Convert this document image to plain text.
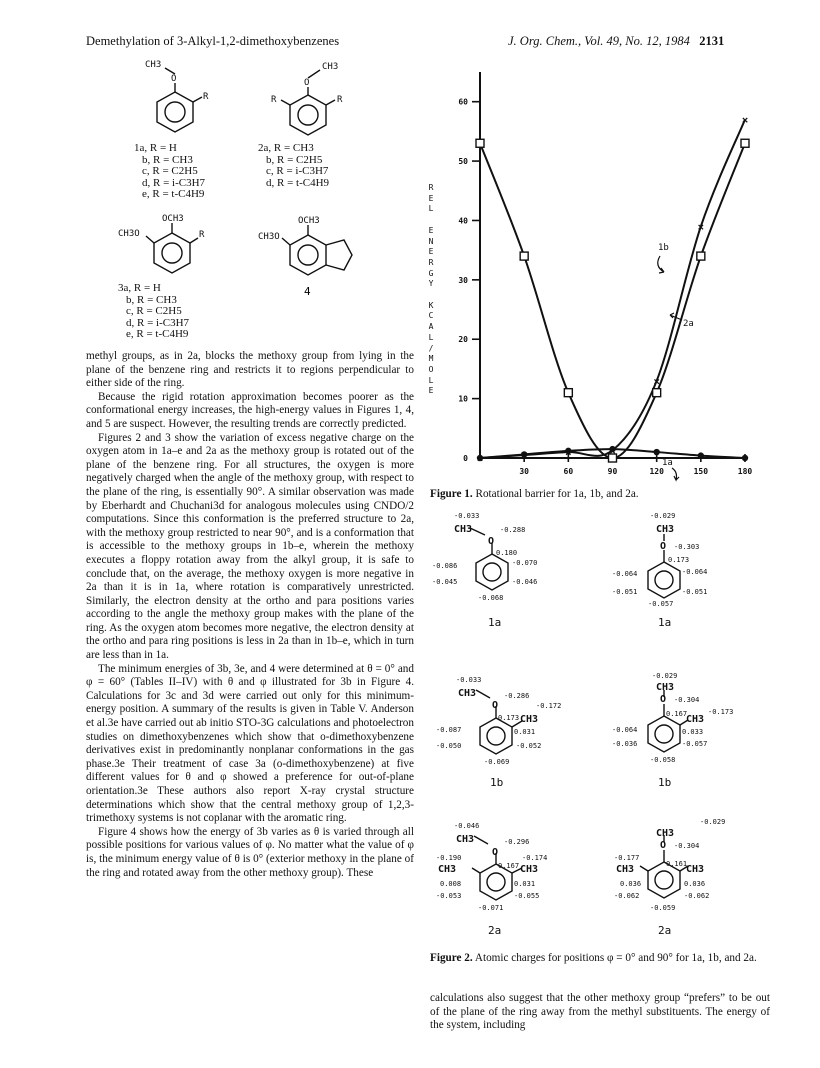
Demethylation of 3-Alkyl-1,2-dimethoxybenzenes	J. Org. Chem., Vol. 49, No. 12, 1984 2131
CH3
O
R
CH3
O
R	R
OCH3
CH3O	R
OCH3
CH3O
4
1a, R = H
b, R = CH3
c, R = C2H5
d, R = i-C3H7
e, R = t-C4H9
2a, R = CH3
b, R = C2H5
c, R = i-C3H7
d, R = t-C4H9
3a, R = H
b, R = CH3
c, R = C2H5
d, R = i-C3H7
e, R = t-C4H9

methyl groups, as in 2a, blocks the methoxy group from lying in the plane of the benzene ring and restricts it to regions perpendicular to either side of the ring.

Because the rigid rotation approximation becomes poorer as the conformational energy increases, the high-energy values in Figures 1, 4, and 5 are suspect. However, the resulting trends are correctly predicted.

Figures 2 and 3 show the variation of excess negative charge on the oxygen atom in 1a–e and 2a as the methoxy group is rotated out of the plane of the benzene ring. For all structures, the oxygen is more negatively charged when the angle of the methoxy group, with respect to the plane of the ring, is essentially 90°. A similar observation was made by Eberhardt and Chuchani3d for analogous molecules using CNDO/2 computations. Since this conformation is the preferred structure to 2a, with the methoxy group restricted to near 90°, and is a conformation that is accessible to the methoxy groups in 1b–e, wherein the methoxy executes a floppy rotation away from the alkyl group, it is safe to conclude that, on the average, the methoxy oxygen is more negative in 2a than it is in 1a, where rotation is comparatively unrestricted. Similarly, the electron density at the ortho and para positions varies according to the angle the methoxy group makes with the plane of the ring. As the oxygen atom becomes more negative, the electron density at the ortho and para ring positions is less in 2a than in 1b–e, which in turn are less than in 1a.

The minimum energies of 3b, 3e, and 4 were determined at θ = 0° and φ = 60° (Tables II–IV) with θ and φ illustrated for 3b in Figure 4. Calculations for 3c and 3d were carried out only for this minimum-energy position. A summary of the results is given in Table V. Anderson et al.3e have carried out ab initio STO-3G calculations and photoelectron studies on dimethoxybenzenes which show that o-dimethoxybenzene derivatives exist in predominantly nonplanar conformations in the gas phase.3e Their treatment of case 3a (o-dimethoxybenzene) at five different values for θ and φ showed a preference for out-of-plane orientation.3e These authors also report X-ray crystal structure determinations which show that the central methoxy group of 1,2,3-trimethoxy systems is not coplanar with the aromatic ring.

Figure 4 shows how the energy of 3b varies as θ is varied through all possible positions for various values of φ. No matter what the value of φ is, the minimum energy value of θ is 0° (exterior methoxy in the plane of the ring and rotated away from the other methoxy group). These

R
E
L

E
N
E
R
G
Y

K
C
A
L
/
M
O
L
E
0
10
20
30
40
50
60
30	60	90	120	150	180
×	×	×	×
×
×
×
1b
2a
1a
Figure 1. Rotational barrier for 1a, 1b, and 2a.
-0.033
CH3	-0.288
O
0.180
-0.070
-0.086
-0.045	-0.046
-0.068
-0.029
CH3
O -0.303
0.173
-0.064
-0.064
-0.051	-0.051
-0.057
1a	1a
-0.033
CH3	-0.286
-0.172
O
0.173 CH3
0.031
-0.087
-0.050	-0.052
-0.069
-0.029
CH3
O -0.304
-0.173
0.167
CH3
0.033
-0.064
-0.036	-0.057
-0.058
1b	1b
-0.046
CH3	-0.296
O	-0.174
-0.190
CH3	0.167 CH3
0.008	0.031
-0.053	-0.055
-0.071
-0.029
CH3
O -0.304
-0.177
CH3	0.161
CH3
0.036	0.036
-0.062	-0.062
-0.059
2a	2a
Figure 2. Atomic charges for positions φ = 0° and 90° for 1a, 1b, and 2a.

calculations also suggest that the other methoxy group “prefers” to be out of the plane of the ring away from the methyl substituents. The energy of the system, including
